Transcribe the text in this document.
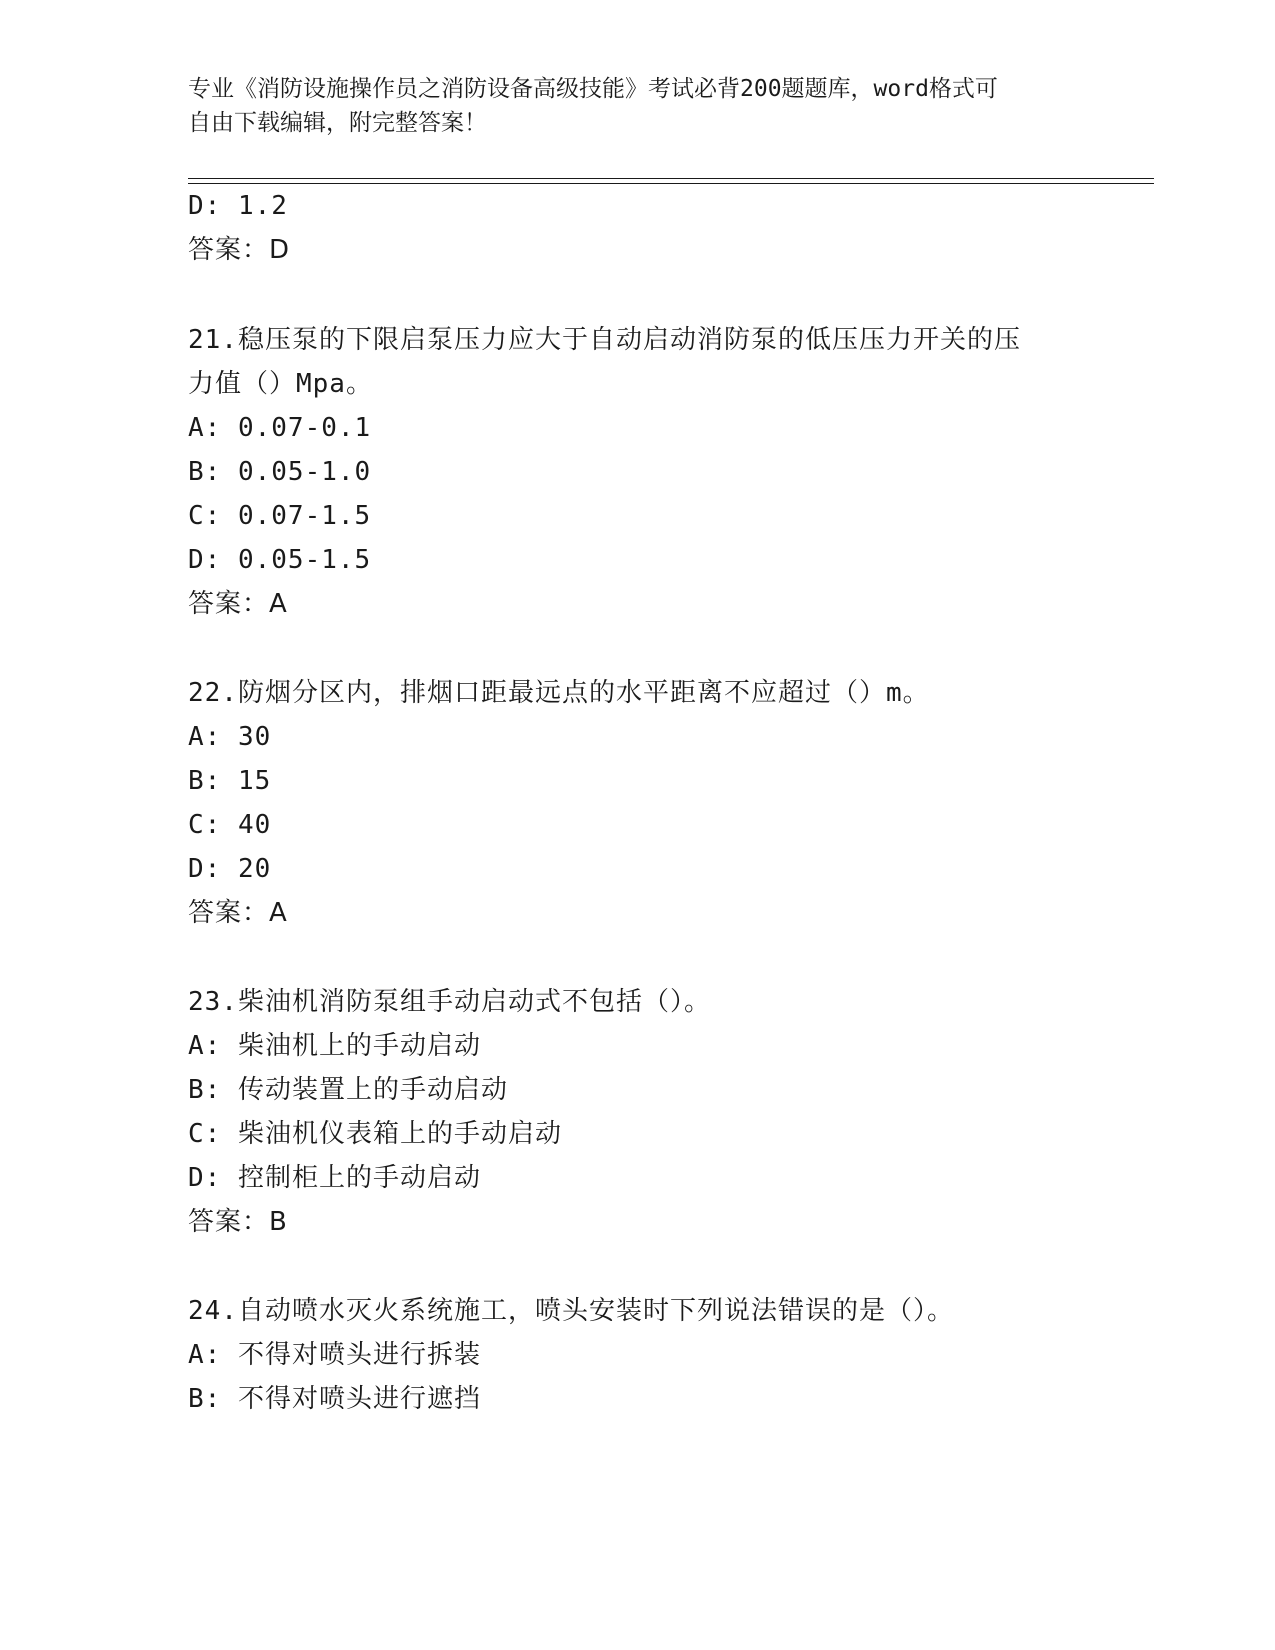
专业《消防设施操作员之消防设备高级技能》考试必背200题题库，word格式可
自由下载编辑，附完整答案！
D: 1.2
答案：D
21.稳压泵的下限启泵压力应大于自动启动消防泵的低压压力开关的压
力值（）Mpa。
A: 0.07-0.1
B: 0.05-1.0
C: 0.07-1.5
D: 0.05-1.5
答案：A
22.防烟分区内，排烟口距最远点的水平距离不应超过（）m。
A: 30
B: 15
C: 40
D: 20
答案：A
23.柴油机消防泵组手动启动式不包括（）。
A: 柴油机上的手动启动
B: 传动装置上的手动启动
C: 柴油机仪表箱上的手动启动
D: 控制柜上的手动启动
答案：B
24.自动喷水灭火系统施工，喷头安装时下列说法错误的是（）。
A: 不得对喷头进行拆装
B: 不得对喷头进行遮挡
